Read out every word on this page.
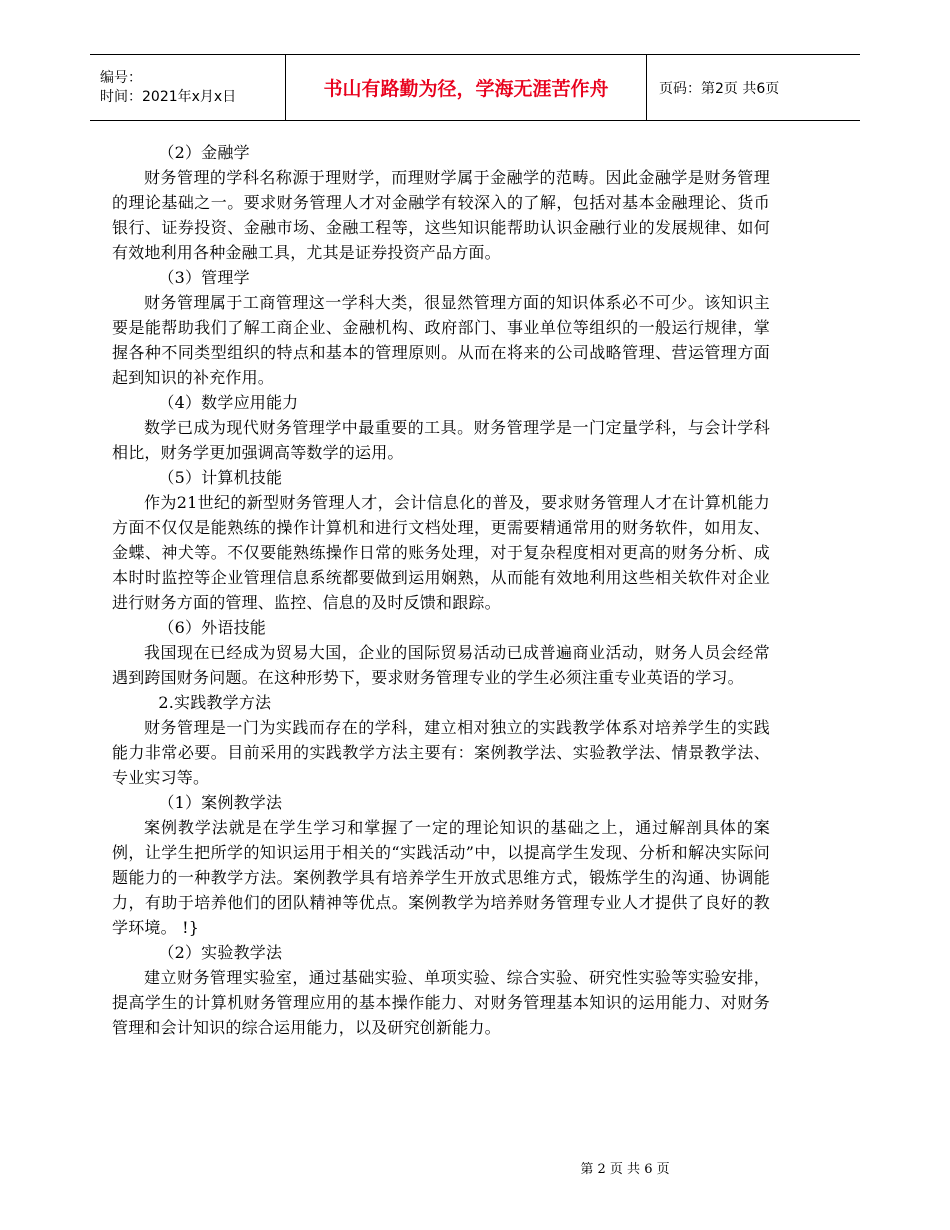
编号：
时间：2021年x月x日	书山有路勤为径，学海无涯苦作舟	页码：第2页 共6页

（2）金融学

财务管理的学科名称源于理财学，而理财学属于金融学的范畴。因此金融学是财务管理的理论基础之一。要求财务管理人才对金融学有较深入的了解，包括对基本金融理论、货币银行、证券投资、金融市场、金融工程等，这些知识能帮助认识金融行业的发展规律、如何有效地利用各种金融工具，尤其是证券投资产品方面。

（3）管理学

财务管理属于工商管理这一学科大类，很显然管理方面的知识体系必不可少。该知识主要是能帮助我们了解工商企业、金融机构、政府部门、事业单位等组织的一般运行规律，掌握各种不同类型组织的特点和基本的管理原则。从而在将来的公司战略管理、营运管理方面起到知识的补充作用。

（4）数学应用能力

数学已成为现代财务管理学中最重要的工具。财务管理学是一门定量学科，与会计学科相比，财务学更加强调高等数学的运用。

（5）计算机技能

作为21世纪的新型财务管理人才，会计信息化的普及，要求财务管理人才在计算机能力方面不仅仅是能熟练的操作计算机和进行文档处理，更需要精通常用的财务软件，如用友、金蝶、神犬等。不仅要能熟练操作日常的账务处理，对于复杂程度相对更高的财务分析、成本时时监控等企业管理信息系统都要做到运用娴熟，从而能有效地利用这些相关软件对企业进行财务方面的管理、监控、信息的及时反馈和跟踪。

（6）外语技能

我国现在已经成为贸易大国，企业的国际贸易活动已成普遍商业活动，财务人员会经常遇到跨国财务问题。在这种形势下，要求财务管理专业的学生必须注重专业英语的学习。

2.实践教学方法

财务管理是一门为实践而存在的学科，建立相对独立的实践教学体系对培养学生的实践能力非常必要。目前采用的实践教学方法主要有：案例教学法、实验教学法、情景教学法、专业实习等。

（1）案例教学法

案例教学法就是在学生学习和掌握了一定的理论知识的基础之上，通过解剖具体的案例，让学生把所学的知识运用于相关的“实践活动”中，以提高学生发现、分析和解决实际问题能力的一种教学方法。案例教学具有培养学生开放式思维方式，锻炼学生的沟通、协调能力，有助于培养他们的团队精神等优点。案例教学为培养财务管理专业人才提供了良好的教学环境。 !}

（2）实验教学法

建立财务管理实验室，通过基础实验、单项实验、综合实验、研究性实验等实验安排，提高学生的计算机财务管理应用的基本操作能力、对财务管理基本知识的运用能力、对财务管理和会计知识的综合运用能力，以及研究创新能力。

第 2 页 共 6 页
